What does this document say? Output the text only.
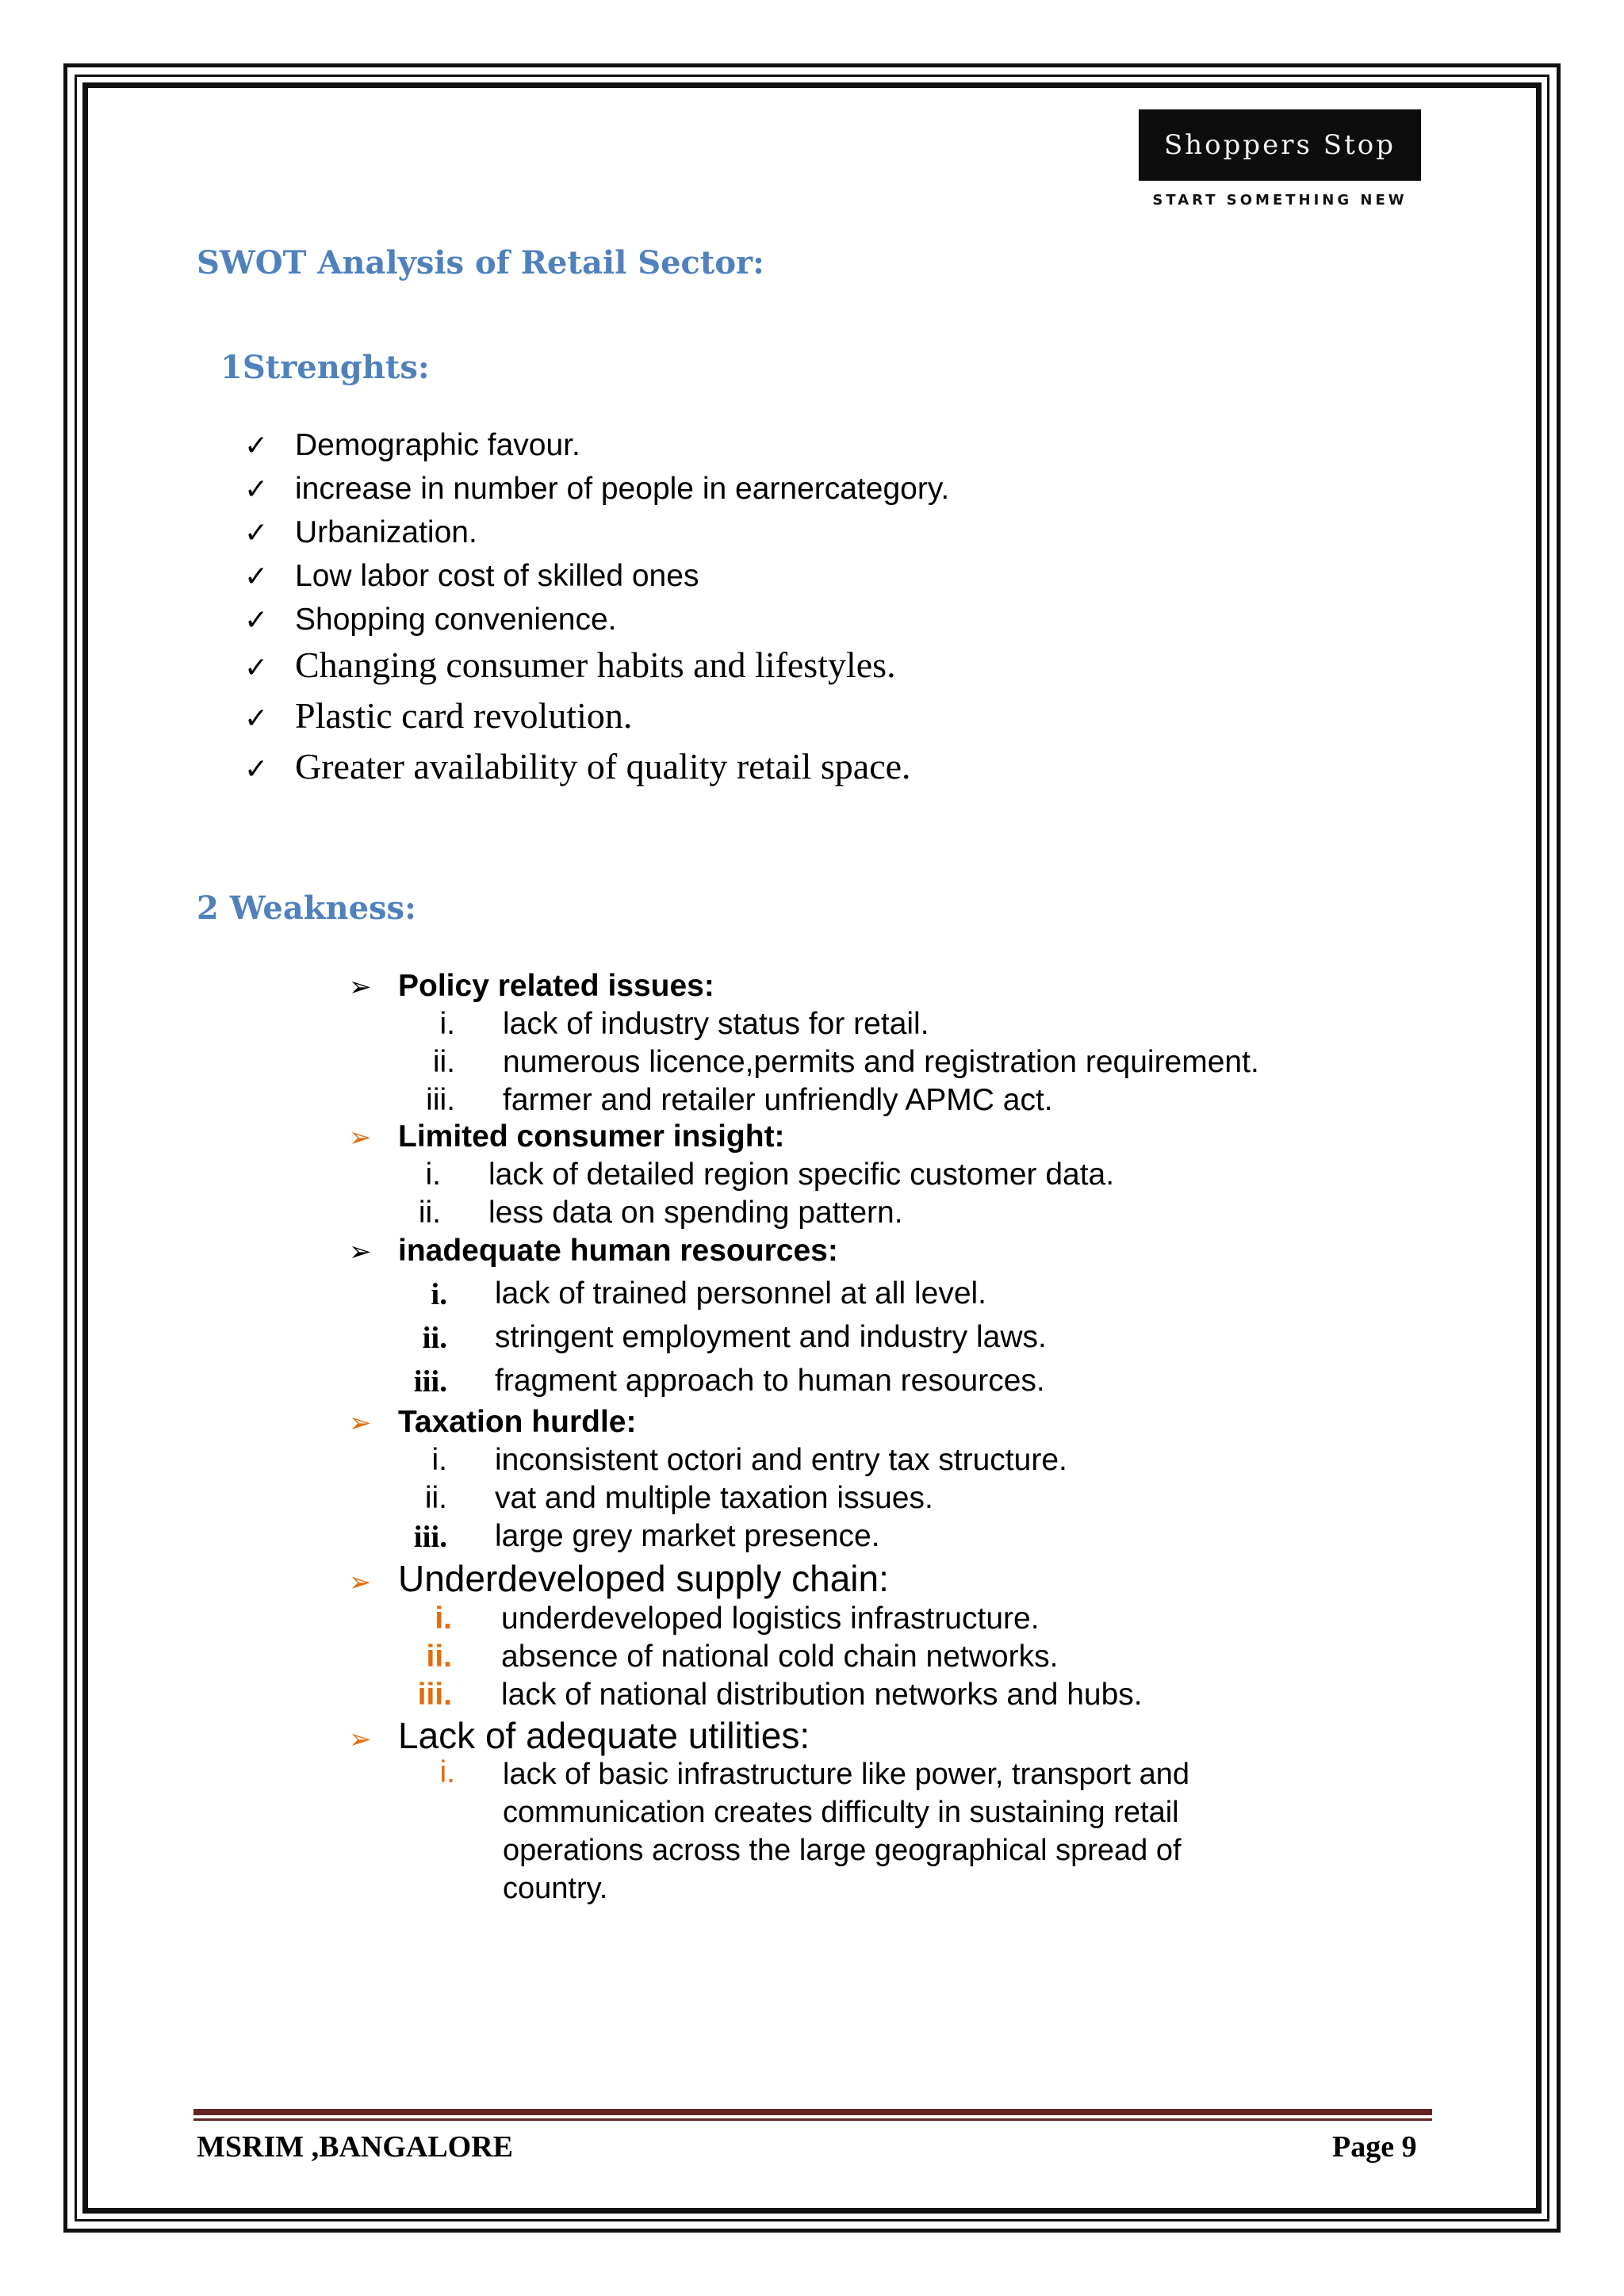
Shoppers Stop
START SOMETHING NEW
SWOT Analysis of Retail Sector:
1Strenghts:
✓ Demographic favour.
✓ increase in number of people in earnercategory.
✓ Urbanization.
✓ Low labor cost of skilled ones
✓ Shopping convenience.
✓ Changing consumer habits and lifestyles.
✓ Plastic card revolution.
✓ Greater availability of quality retail space.
2 Weakness:
➢ Policy related issues:
i. lack of industry status for retail.
ii. numerous licence,permits and registration requirement.
iii. farmer and retailer unfriendly APMC act.
➢ Limited consumer insight:
i. lack of detailed region specific customer data.
ii. less data on spending pattern.
➢ inadequate human resources:
i. lack of trained personnel at all level.
ii. stringent employment and industry laws.
iii. fragment approach to human resources.
➢ Taxation hurdle:
i. inconsistent octori and entry tax structure.
ii. vat and multiple taxation issues.
iii. large grey market presence.
➢ Underdeveloped supply chain:
i. underdeveloped logistics infrastructure.
ii. absence of national cold chain networks.
iii. lack of national distribution networks and hubs.
➢ Lack of adequate utilities:
i. lack of basic infrastructure like power, transport and communication creates difficulty in sustaining retail operations across the large geographical spread of country.
MSRIM ,BANGALORE	Page 9
